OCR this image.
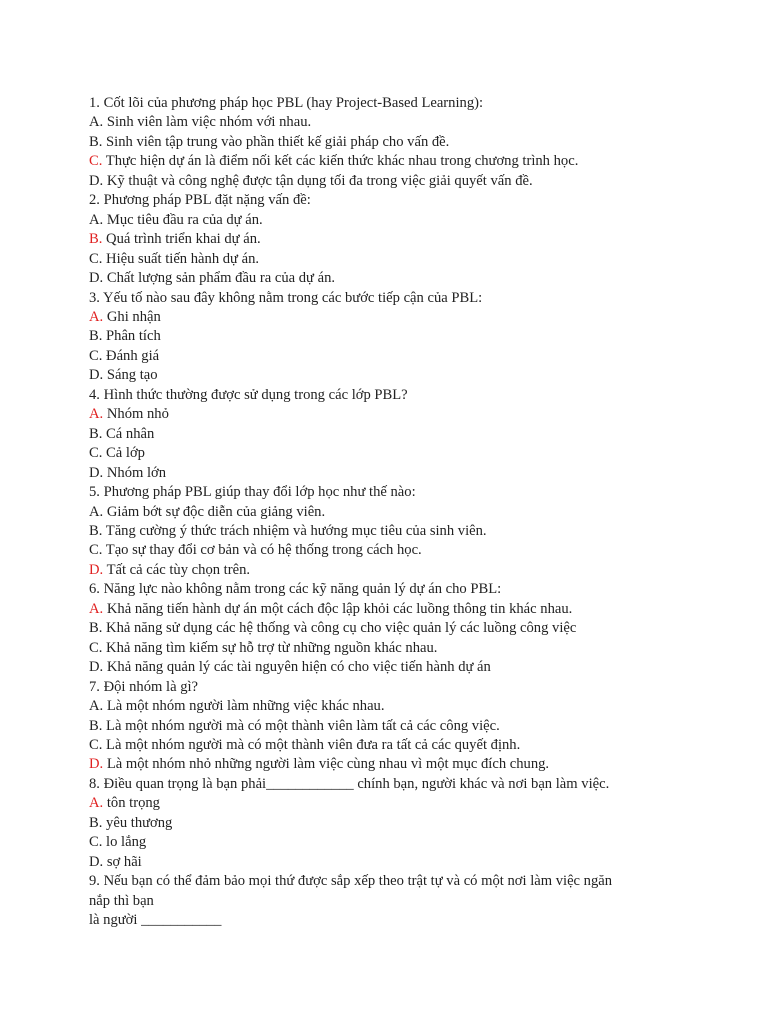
1. Cốt lõi của phương pháp học PBL (hay Project-Based Learning):
A. Sinh viên làm việc nhóm với nhau.
B. Sinh viên tập trung vào phần thiết kế giải pháp cho vấn đề.
C. Thực hiện dự án là điểm nối kết các kiến thức khác nhau trong chương trình học.
D. Kỹ thuật và công nghệ được tận dụng tối đa trong việc giải quyết vấn đề.
2. Phương pháp PBL đặt nặng vấn đề:
A. Mục tiêu đầu ra của dự án.
B. Quá trình triển khai dự án.
C. Hiệu suất tiến hành dự án.
D. Chất lượng sản phẩm đầu ra của dự án.
3. Yếu tố nào sau đây không nằm trong các bước tiếp cận của PBL:
A. Ghi nhận
B. Phân tích
C. Đánh giá
D. Sáng tạo
4. Hình thức thường được sử dụng trong các lớp PBL?
A. Nhóm nhỏ
B. Cá nhân
C. Cả lớp
D. Nhóm lớn
5. Phương pháp PBL giúp thay đổi lớp học như thế nào:
A. Giảm bớt sự độc diễn của giảng viên.
B. Tăng cường ý thức trách nhiệm và hướng mục tiêu của sinh viên.
C. Tạo sự thay đổi cơ bản và có hệ thống trong cách học.
D. Tất cả các tùy chọn trên.
6. Năng lực nào không nằm trong các kỹ năng quản lý dự án cho PBL:
A. Khả năng tiến hành dự án một cách độc lập khỏi các luồng thông tin khác nhau.
B. Khả năng sử dụng các hệ thống và công cụ cho việc quản lý các luồng công việc
C. Khả năng tìm kiếm sự hỗ trợ từ những nguồn khác nhau.
D. Khả năng quản lý các tài nguyên hiện có cho việc tiến hành dự án
7. Đội nhóm là gì?
A. Là một nhóm người làm những việc khác nhau.
B. Là một nhóm người mà có một thành viên làm tất cả các công việc.
C. Là một nhóm người mà có một thành viên đưa ra tất cả các quyết định.
D. Là một nhóm nhỏ những người làm việc cùng nhau vì một mục đích chung.
8. Điều quan trọng là bạn phải____________ chính bạn, người khác và nơi bạn làm việc.
A. tôn trọng
B. yêu thương
C. lo lắng
D. sợ hãi
9. Nếu bạn có thể đảm bảo mọi thứ được sắp xếp theo trật tự và có một nơi làm việc ngăn
nắp thì bạn
là người ___________
